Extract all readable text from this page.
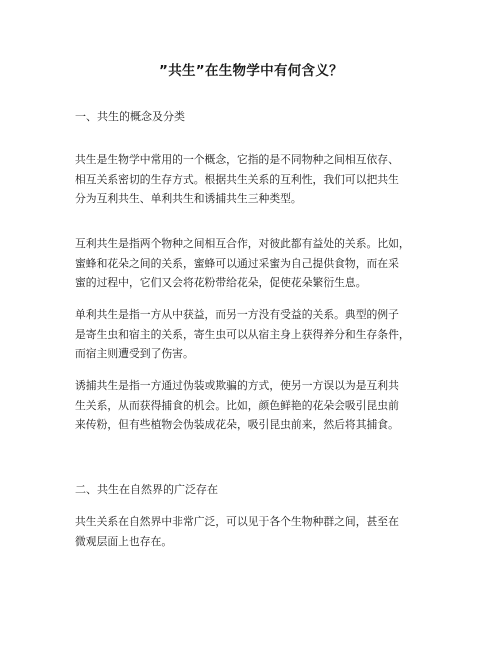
”共生”在生物学中有何含义？
一、共生的概念及分类
共生是生物学中常用的一个概念，它指的是不同物种之间相互依存、
相互关系密切的生存方式。根据共生关系的互利性，我们可以把共生
分为互利共生、单利共生和诱捕共生三种类型。
互利共生是指两个物种之间相互合作，对彼此都有益处的关系。比如，
蜜蜂和花朵之间的关系，蜜蜂可以通过采蜜为自己提供食物，而在采
蜜的过程中，它们又会将花粉带给花朵，促使花朵繁衍生息。
单利共生是指一方从中获益，而另一方没有受益的关系。典型的例子
是寄生虫和宿主的关系，寄生虫可以从宿主身上获得养分和生存条件，
而宿主则遭受到了伤害。
诱捕共生是指一方通过伪装或欺骗的方式，使另一方误以为是互利共
生关系，从而获得捕食的机会。比如，颜色鲜艳的花朵会吸引昆虫前
来传粉，但有些植物会伪装成花朵，吸引昆虫前来，然后将其捕食。
二、共生在自然界的广泛存在
共生关系在自然界中非常广泛，可以见于各个生物种群之间，甚至在
微观层面上也存在。
